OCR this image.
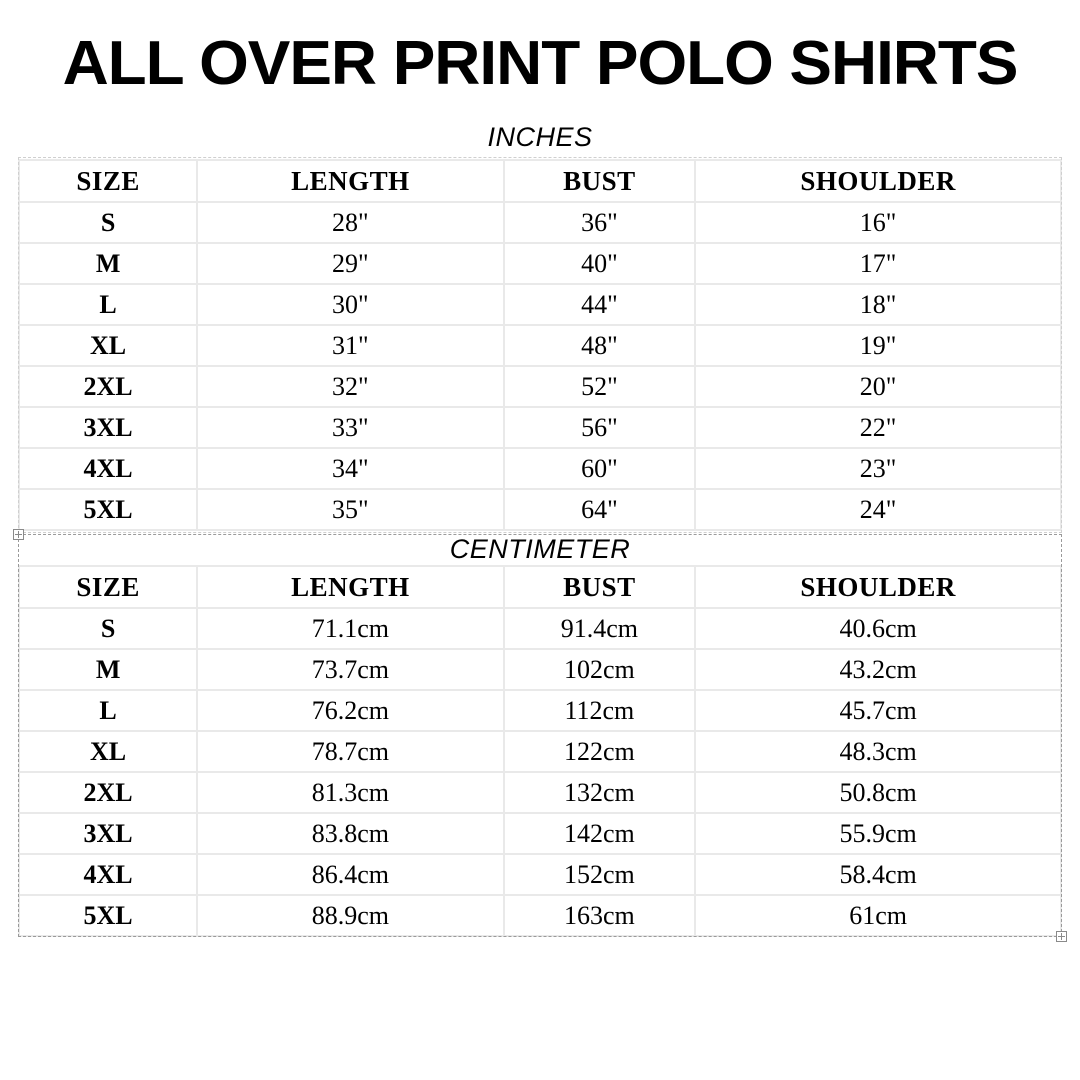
ALL OVER PRINT POLO SHIRTS
INCHES
SIZE	LENGTH	BUST	SHOULDER
S	28"	36"	16"
M	29"	40"	17"
L	30"	44"	18"
XL	31"	48"	19"
2XL	32"	52"	20"
3XL	33"	56"	22"
4XL	34"	60"	23"
5XL	35"	64"	24"
CENTIMETER
SIZE	LENGTH	BUST	SHOULDER
S	71.1cm	91.4cm	40.6cm
M	73.7cm	102cm	43.2cm
L	76.2cm	112cm	45.7cm
XL	78.7cm	122cm	48.3cm
2XL	81.3cm	132cm	50.8cm
3XL	83.8cm	142cm	55.9cm
4XL	86.4cm	152cm	58.4cm
5XL	88.9cm	163cm	61cm
